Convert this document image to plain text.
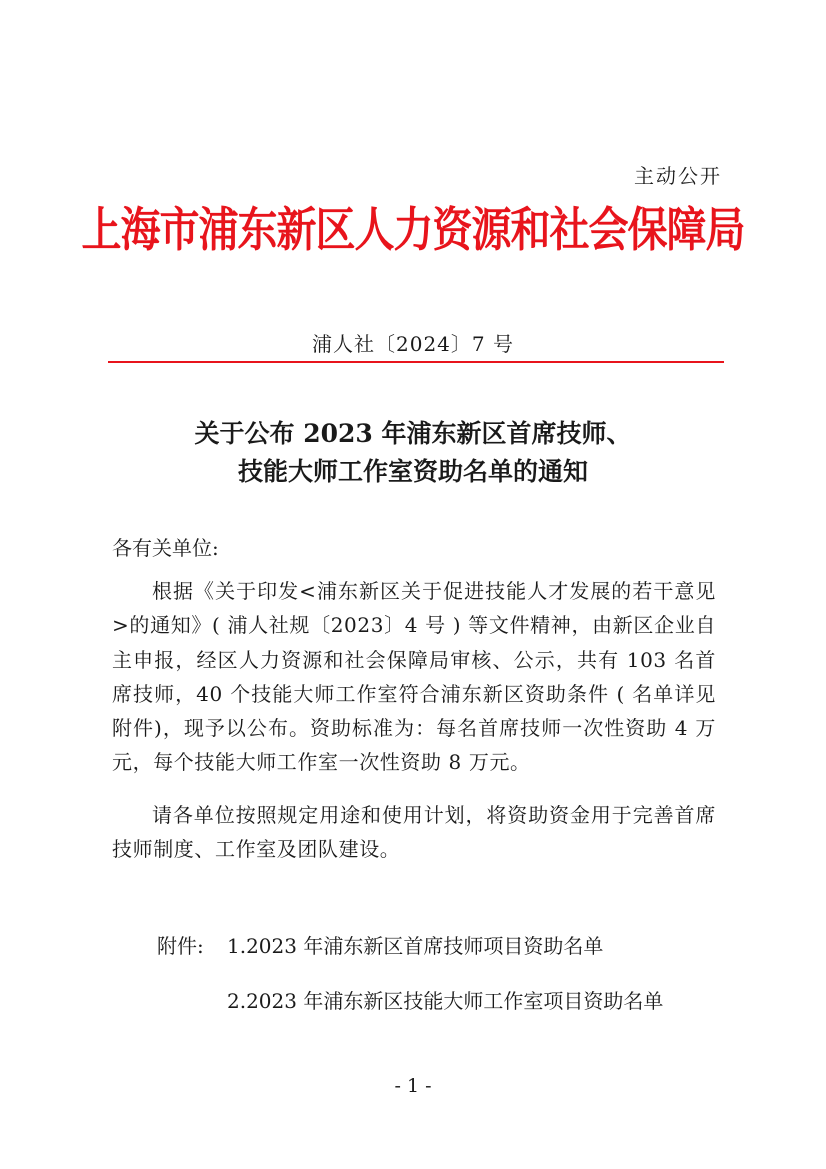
主动公开
上海市浦东新区人力资源和社会保障局
浦人社〔2024〕7 号
关于公布 2023 年浦东新区首席技师、
技能大师工作室资助名单的通知
各有关单位:

根据《关于印发<浦东新区关于促进技能人才发展的若干意见>的通知》( 浦人社规〔2023〕4 号 ) 等文件精神，由新区企业自主申报，经区人力资源和社会保障局审核、公示，共有 103 名首席技师，40 个技能大师工作室符合浦东新区资助条件 ( 名单详见附件)，现予以公布。资助标准为：每名首席技师一次性资助 4 万元，每个技能大师工作室一次性资助 8 万元。

请各单位按照规定用途和使用计划，将资助资金用于完善首席技师制度、工作室及团队建设。

附件: 1.2023 年浦东新区首席技师项目资助名单
2.2023 年浦东新区技能大师工作室项目资助名单
- 1 -
